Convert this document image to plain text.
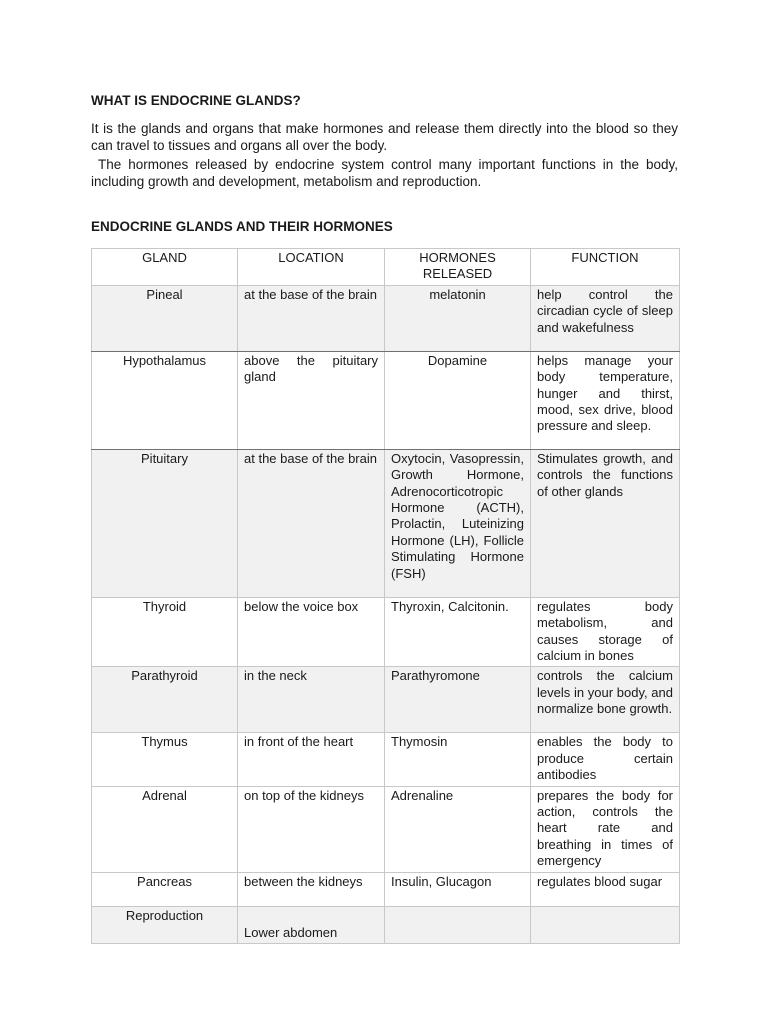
WHAT IS ENDOCRINE GLANDS?
It is the glands and organs that make hormones and release them directly into the blood so they can travel to tissues and organs all over the body.
The hormones released by endocrine system control many important functions in the body, including growth and development, metabolism and reproduction.
ENDOCRINE GLANDS AND THEIR HORMONES
GLAND	LOCATION	HORMONES RELEASED	FUNCTION
Pineal	at the base of the brain	melatonin	help control the circadian cycle of sleep and wakefulness
Hypothalamus	above the pituitary gland	Dopamine	helps manage your body temperature, hunger and thirst, mood, sex drive, blood pressure and sleep.
Pituitary	at the base of the brain	Oxytocin, Vasopressin, Growth Hormone, Adrenocorticotropic Hormone (ACTH), Prolactin, Luteinizing Hormone (LH), Follicle Stimulating Hormone (FSH)	Stimulates growth, and controls the functions of other glands
Thyroid	below the voice box	Thyroxin, Calcitonin.	regulates body metabolism, and causes storage of calcium in bones
Parathyroid	in the neck	Parathyromone	controls the calcium levels in your body, and normalize bone growth.
Thymus	in front of the heart	Thymosin	enables the body to produce certain antibodies
Adrenal	on top of the kidneys	Adrenaline	prepares the body for action, controls the heart rate and breathing in times of emergency
Pancreas	between the kidneys	Insulin, Glucagon	regulates blood sugar
Reproduction	Lower abdomen		
